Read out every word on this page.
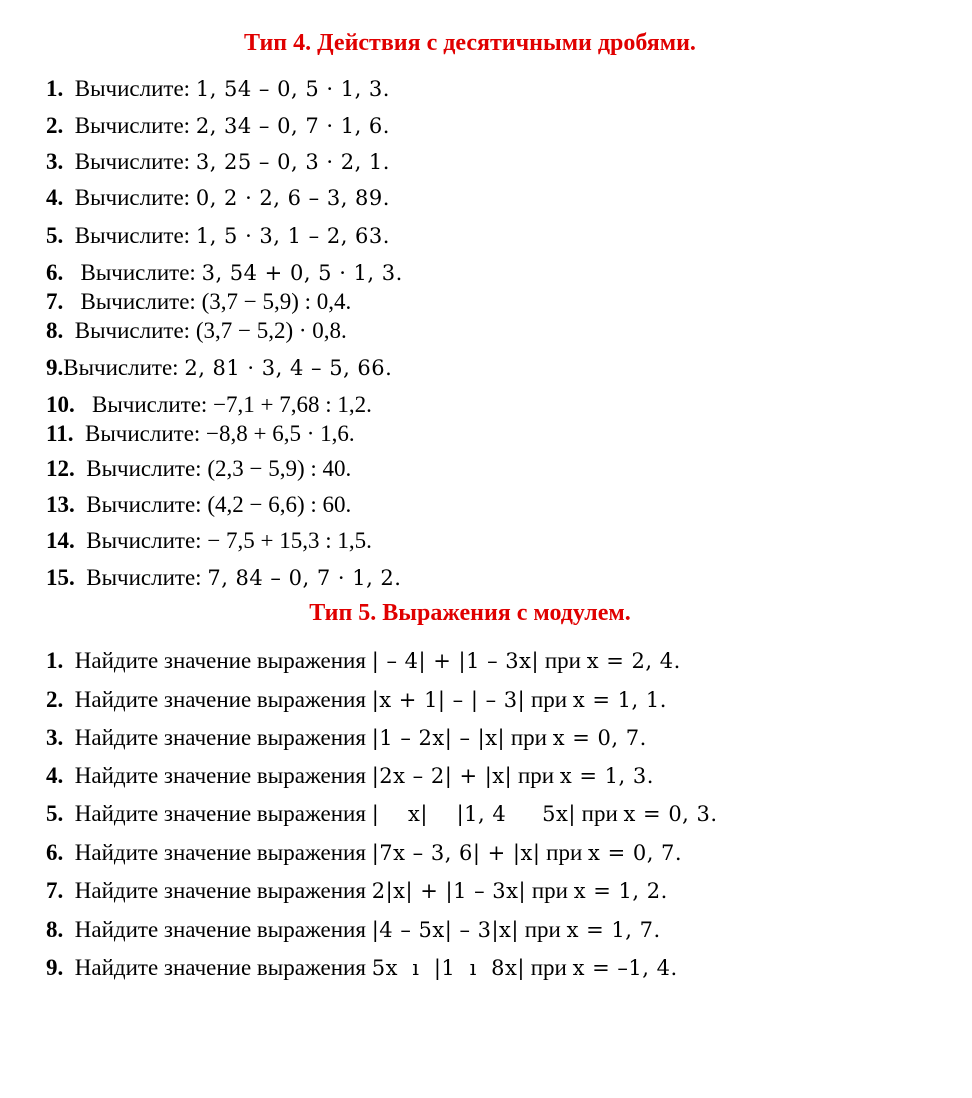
Тип 4. Действия с десятичными дробями.
1. Вычислите: 1, 54 – 0, 5 · 1, 3.
2. Вычислите: 2, 34 – 0, 7 · 1, 6.
3. Вычислите: 3, 25 – 0, 3 · 2, 1.
4. Вычислите: 0, 2 · 2, 6 – 3, 89.
5. Вычислите: 1, 5 · 3, 1 – 2, 63.
6. Вычислите: 3, 54 + 0, 5 · 1, 3.
7. Вычислите: (3,7 − 5,9) : 0,4.
8. Вычислите: (3,7 − 5,2) · 0,8.
9.Вычислите: 2, 81 · 3, 4 – 5, 66.
10. Вычислите: −7,1 + 7,68 : 1,2.
11. Вычислите: −8,8 + 6,5 · 1,6.
12. Вычислите: (2,3 − 5,9) : 40.
13. Вычислите: (4,2 − 6,6) : 60.
14. Вычислите: − 7,5 + 15,3 : 1,5.
15. Вычислите: 7, 84 – 0, 7 · 1, 2.
Тип 5. Выражения с модулем.
1. Найдите значение выражения | – 4| + |1 – 3x| при x = 2, 4.
2. Найдите значение выражения |x + 1| – | – 3| при x = 1, 1.
3. Найдите значение выражения |1 – 2x| – |x| при x = 0, 7.
4. Найдите значение выражения |2x – 2| + |x| при x = 1, 3.
5. Найдите значение выражения |    x|    |1, 4     5x| при x = 0, 3.
6. Найдите значение выражения |7x – 3, 6| + |x| при x = 0, 7.
7. Найдите значение выражения 2|x| + |1 – 3x| при x = 1, 2.
8. Найдите значение выражения |4 – 5x| – 3|x| при x = 1, 7.
9. Найдите значение выражения 5x  ı  |1  ı  8x| при x = –1, 4.
